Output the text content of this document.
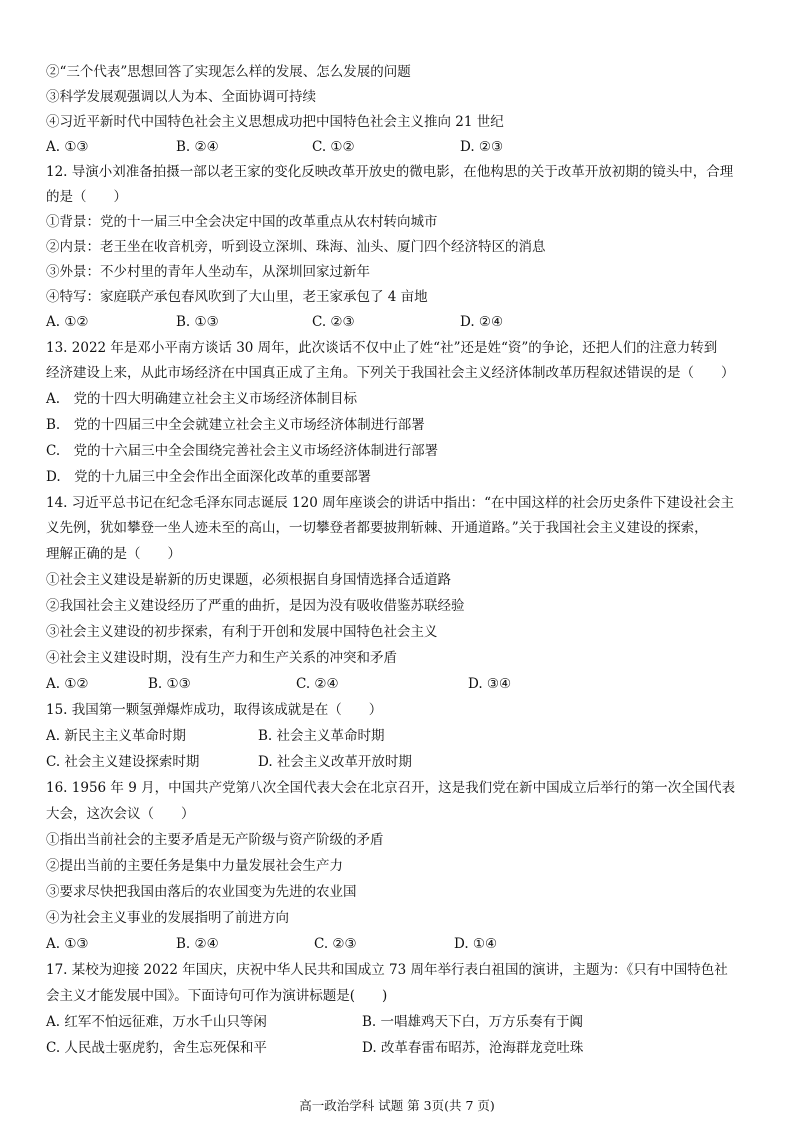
②“三个代表”思想回答了实现怎么样的发展、怎么发展的问题
③科学发展观强调以人为本、全面协调可持续
④习近平新时代中国特色社会主义思想成功把中国特色社会主义推向 21 世纪
A. ①③	B. ②④	C. ①②	D. ②③
12. 导演小刘准备拍摄一部以老王家的变化反映改革开放史的微电影，在他构思的关于改革开放初期的镜头中，合理
的是（　　）
①背景：党的十一届三中全会决定中国的改革重点从农村转向城市
②内景：老王坐在收音机旁，听到设立深圳、珠海、汕头、厦门四个经济特区的消息
③外景：不少村里的青年人坐动车，从深圳回家过新年
④特写：家庭联产承包春风吹到了大山里，老王家承包了 4 亩地
A. ①②	B. ①③	C. ②③	D. ②④
13. 2022 年是邓小平南方谈话 30 周年，此次谈话不仅中止了姓“社”还是姓“资”的争论，还把人们的注意力转到
经济建设上来，从此市场经济在中国真正成了主角。下列关于我国社会主义经济体制改革历程叙述错误的是（　　）
A.　党的十四大明确建立社会主义市场经济体制目标
B.　党的十四届三中全会就建立社会主义市场经济体制进行部署
C.　党的十六届三中全会围绕完善社会主义市场经济体制进行部署
D.　党的十九届三中全会作出全面深化改革的重要部署
14. 习近平总书记在纪念毛泽东同志诞辰 120 周年座谈会的讲话中指出：“在中国这样的社会历史条件下建设社会主
义先例，犹如攀登一坐人迹未至的高山，一切攀登者都要披荆斩棘、开通道路。”关于我国社会主义建设的探索，
理解正确的是（　　）
①社会主义建设是崭新的历史课题，必须根据自身国情选择合适道路
②我国社会主义建设经历了严重的曲折，是因为没有吸收借鉴苏联经验
③社会主义建设的初步探索，有利于开创和发展中国特色社会主义
④社会主义建设时期，没有生产力和生产关系的冲突和矛盾
A. ①②	B. ①③	C. ②④	D. ③④
15. 我国第一颗氢弹爆炸成功，取得该成就是在（　　）
A. 新民主主义革命时期	B. 社会主义革命时期
C. 社会主义建设探索时期	D. 社会主义改革开放时期
16. 1956 年 9 月，中国共产党第八次全国代表大会在北京召开，这是我们党在新中国成立后举行的第一次全国代表
大会，这次会议（　　）
①指出当前社会的主要矛盾是无产阶级与资产阶级的矛盾
②提出当前的主要任务是集中力量发展社会生产力
③要求尽快把我国由落后的农业国变为先进的农业国
④为社会主义事业的发展指明了前进方向
A. ①③	B. ②④	C. ②③	D. ①④
17. 某校为迎接 2022 年国庆，庆祝中华人民共和国成立 73 周年举行表白祖国的演讲，主题为：《只有中国特色社
会主义才能发展中国》。下面诗句可作为演讲标题是(　　)
A. 红军不怕远征难，万水千山只等闲	B. 一唱雄鸡天下白，万方乐奏有于阗
C. 人民战士驱虎豹，舍生忘死保和平	D. 改革春雷布昭苏，沧海群龙竞吐珠
高一政治学科 试题 第 3页(共 7 页)
